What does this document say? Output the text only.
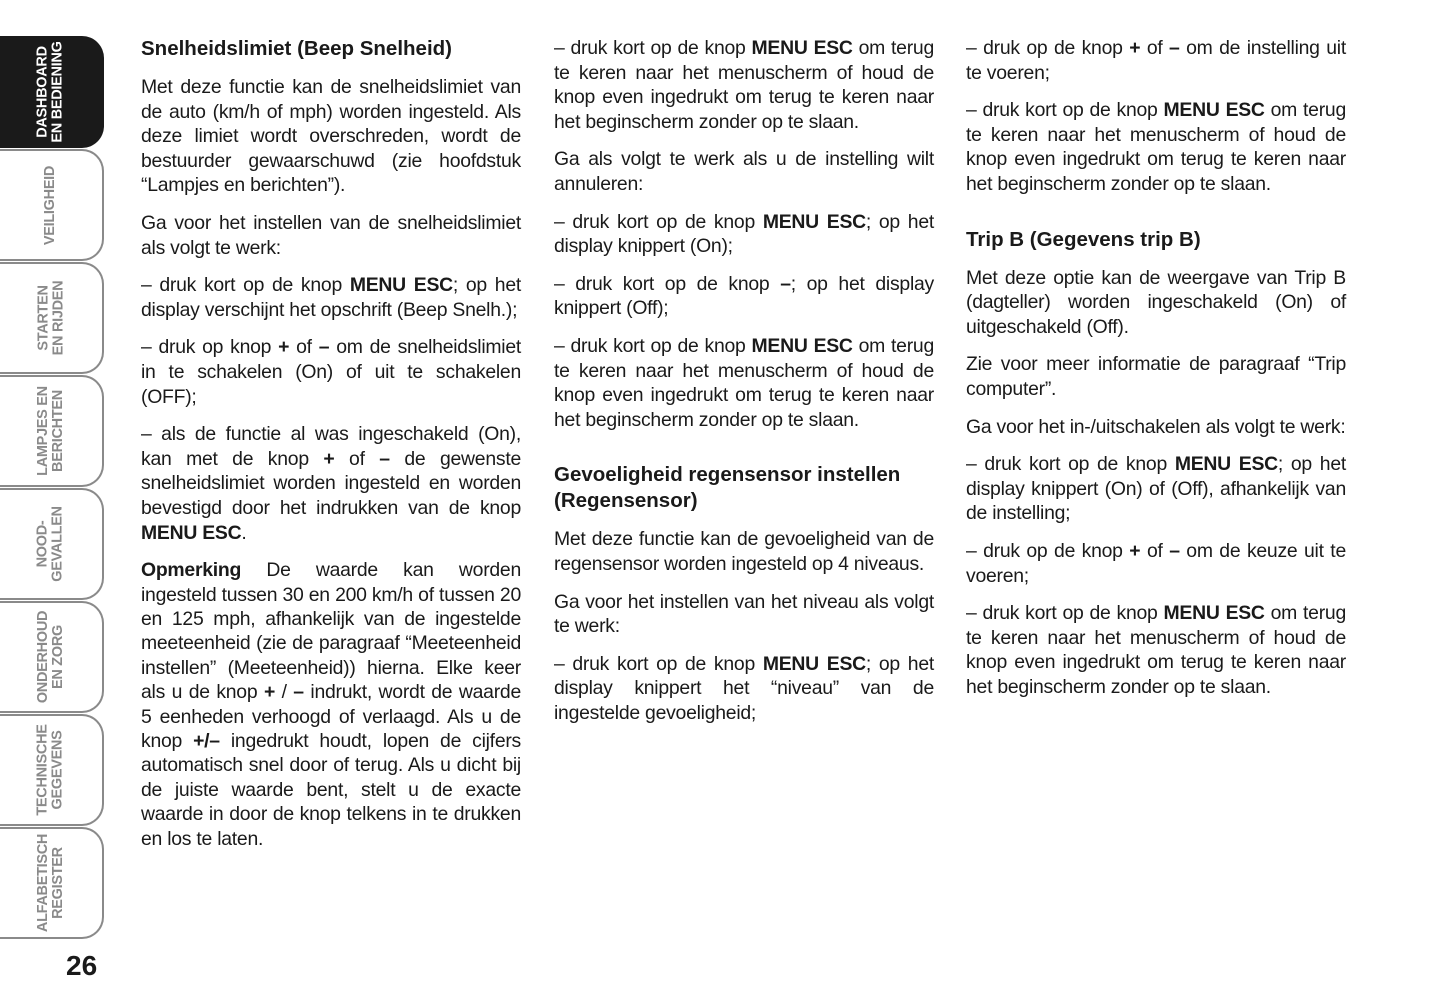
DASHBOARD
EN BEDIENING
VEILIGHEID
STARTEN
EN RIJDEN
LAMPJES EN
BERICHTEN
NOOD-
GEVALLEN
ONDERHOUD
EN ZORG
TECHNISCHE
GEGEVENS
ALFABETISCH
REGISTER
26
Snelheidslimiet (Beep Snelheid)

Met deze functie kan de snelheidslimiet van de auto (km/h of mph) worden ingesteld. Als deze limiet wordt overschreden, wordt de bestuurder gewaarschuwd (zie hoofdstuk “Lampjes en berichten”).

Ga voor het instellen van de snelheidslimiet als volgt te werk:

– druk kort op de knop MENU ESC; op het display verschijnt het opschrift (Beep Snelh.);

– druk op knop + of – om de snelheidslimiet in te schakelen (On) of uit te schakelen (OFF);

– als de functie al was ingeschakeld (On), kan met de knop + of – de gewenste snelheidslimiet worden ingesteld en worden bevestigd door het indrukken van de knop MENU ESC.

Opmerking De waarde kan worden ingesteld tussen 30 en 200 km/h of tussen 20 en 125 mph, afhankelijk van de ingestelde meeteenheid (zie de paragraaf “Meeteenheid instellen” (Meeteenheid)) hierna. Elke keer als u de knop + / – indrukt, wordt de waarde 5 eenheden verhoogd of verlaagd. Als u de knop +/– ingedrukt houdt, lopen de cijfers automatisch snel door of terug. Als u dicht bij de juiste waarde bent, stelt u de exacte waarde in door de knop telkens in te drukken en los te laten.

– druk kort op de knop MENU ESC om terug te keren naar het menuscherm of houd de knop even ingedrukt om terug te keren naar het beginscherm zonder op te slaan.

Ga als volgt te werk als u de instelling wilt annuleren:

– druk kort op de knop MENU ESC; op het display knippert (On);

– druk kort op de knop –; op het display knippert (Off);

– druk kort op de knop MENU ESC om terug te keren naar het menuscherm of houd de knop even ingedrukt om terug te keren naar het beginscherm zonder op te slaan.

Gevoeligheid regensensor instellen (Regensensor)

Met deze functie kan de gevoeligheid van de regensensor worden ingesteld op 4 niveaus.

Ga voor het instellen van het niveau als volgt te werk:

– druk kort op de knop MENU ESC; op het display knippert het “niveau” van de ingestelde gevoeligheid;

– druk op de knop + of – om de instelling uit te voeren;

– druk kort op de knop MENU ESC om terug te keren naar het menuscherm of houd de knop even ingedrukt om terug te keren naar het beginscherm zonder op te slaan.

Trip B (Gegevens trip B)

Met deze optie kan de weergave van Trip B (dagteller) worden ingeschakeld (On) of uitgeschakeld (Off).

Zie voor meer informatie de paragraaf “Trip computer”.

Ga voor het in-/uitschakelen als volgt te werk:

– druk kort op de knop MENU ESC; op het display knippert (On) of (Off), afhankelijk van de instelling;

– druk op de knop + of – om de keuze uit te voeren;

– druk kort op de knop MENU ESC om terug te keren naar het menuscherm of houd de knop even ingedrukt om terug te keren naar het beginscherm zonder op te slaan.
